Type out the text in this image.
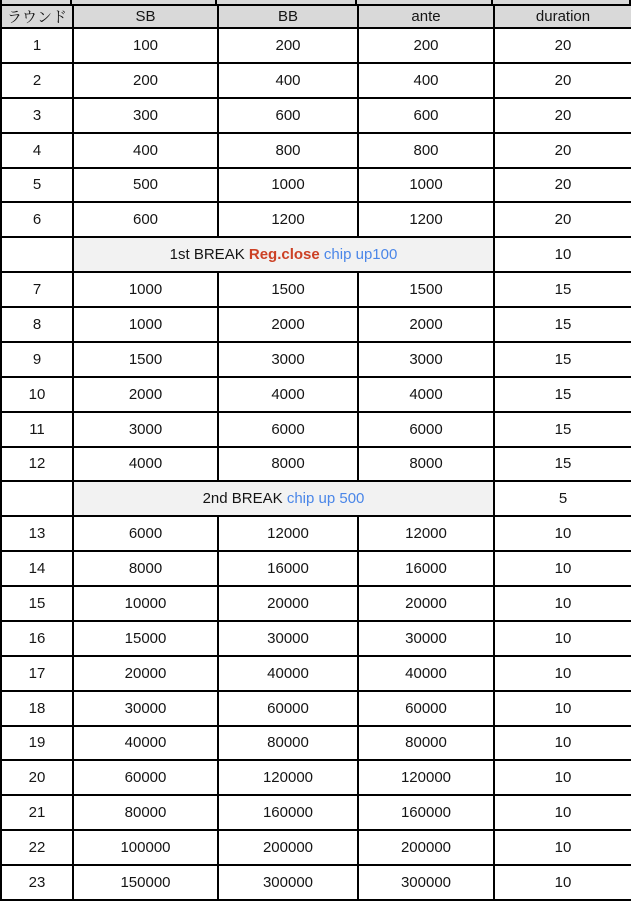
ラウンド	SB	BB	ante	duration
1	100	200	200	20
2	200	400	400	20
3	300	600	600	20
4	400	800	800	20
5	500	1000	1000	20
6	600	1200	1200	20
	1st BREAK Reg.close chip up100			10
7	1000	1500	1500	15
8	1000	2000	2000	15
9	1500	3000	3000	15
10	2000	4000	4000	15
11	3000	6000	6000	15
12	4000	8000	8000	15
	2nd BREAK chip up 500			5
13	6000	12000	12000	10
14	8000	16000	16000	10
15	10000	20000	20000	10
16	15000	30000	30000	10
17	20000	40000	40000	10
18	30000	60000	60000	10
19	40000	80000	80000	10
20	60000	120000	120000	10
21	80000	160000	160000	10
22	100000	200000	200000	10
23	150000	300000	300000	10
